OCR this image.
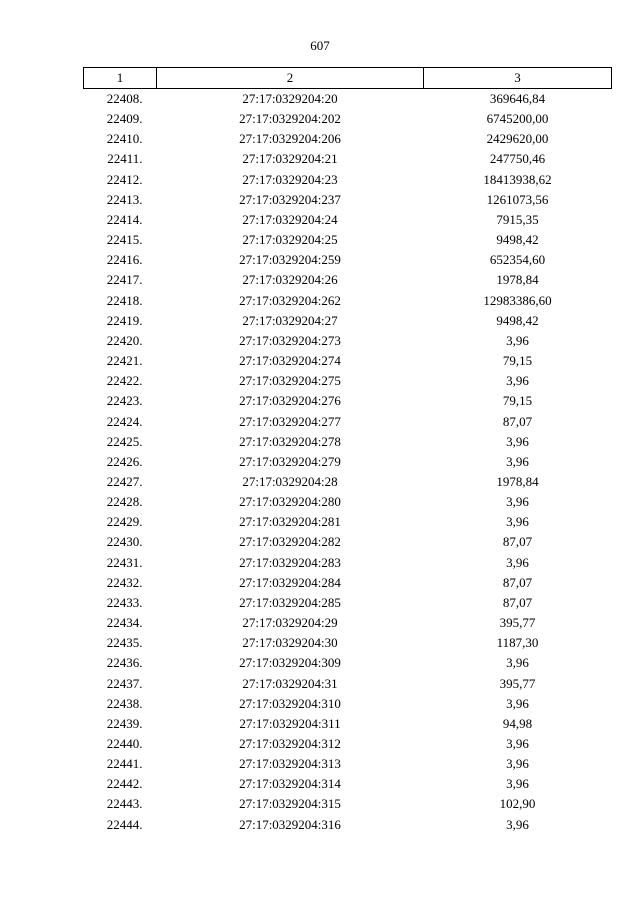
607
1	2	3
22408.	27:17:0329204:20	369646,84
22409.	27:17:0329204:202	6745200,00
22410.	27:17:0329204:206	2429620,00
22411.	27:17:0329204:21	247750,46
22412.	27:17:0329204:23	18413938,62
22413.	27:17:0329204:237	1261073,56
22414.	27:17:0329204:24	7915,35
22415.	27:17:0329204:25	9498,42
22416.	27:17:0329204:259	652354,60
22417.	27:17:0329204:26	1978,84
22418.	27:17:0329204:262	12983386,60
22419.	27:17:0329204:27	9498,42
22420.	27:17:0329204:273	3,96
22421.	27:17:0329204:274	79,15
22422.	27:17:0329204:275	3,96
22423.	27:17:0329204:276	79,15
22424.	27:17:0329204:277	87,07
22425.	27:17:0329204:278	3,96
22426.	27:17:0329204:279	3,96
22427.	27:17:0329204:28	1978,84
22428.	27:17:0329204:280	3,96
22429.	27:17:0329204:281	3,96
22430.	27:17:0329204:282	87,07
22431.	27:17:0329204:283	3,96
22432.	27:17:0329204:284	87,07
22433.	27:17:0329204:285	87,07
22434.	27:17:0329204:29	395,77
22435.	27:17:0329204:30	1187,30
22436.	27:17:0329204:309	3,96
22437.	27:17:0329204:31	395,77
22438.	27:17:0329204:310	3,96
22439.	27:17:0329204:311	94,98
22440.	27:17:0329204:312	3,96
22441.	27:17:0329204:313	3,96
22442.	27:17:0329204:314	3,96
22443.	27:17:0329204:315	102,90
22444.	27:17:0329204:316	3,96
